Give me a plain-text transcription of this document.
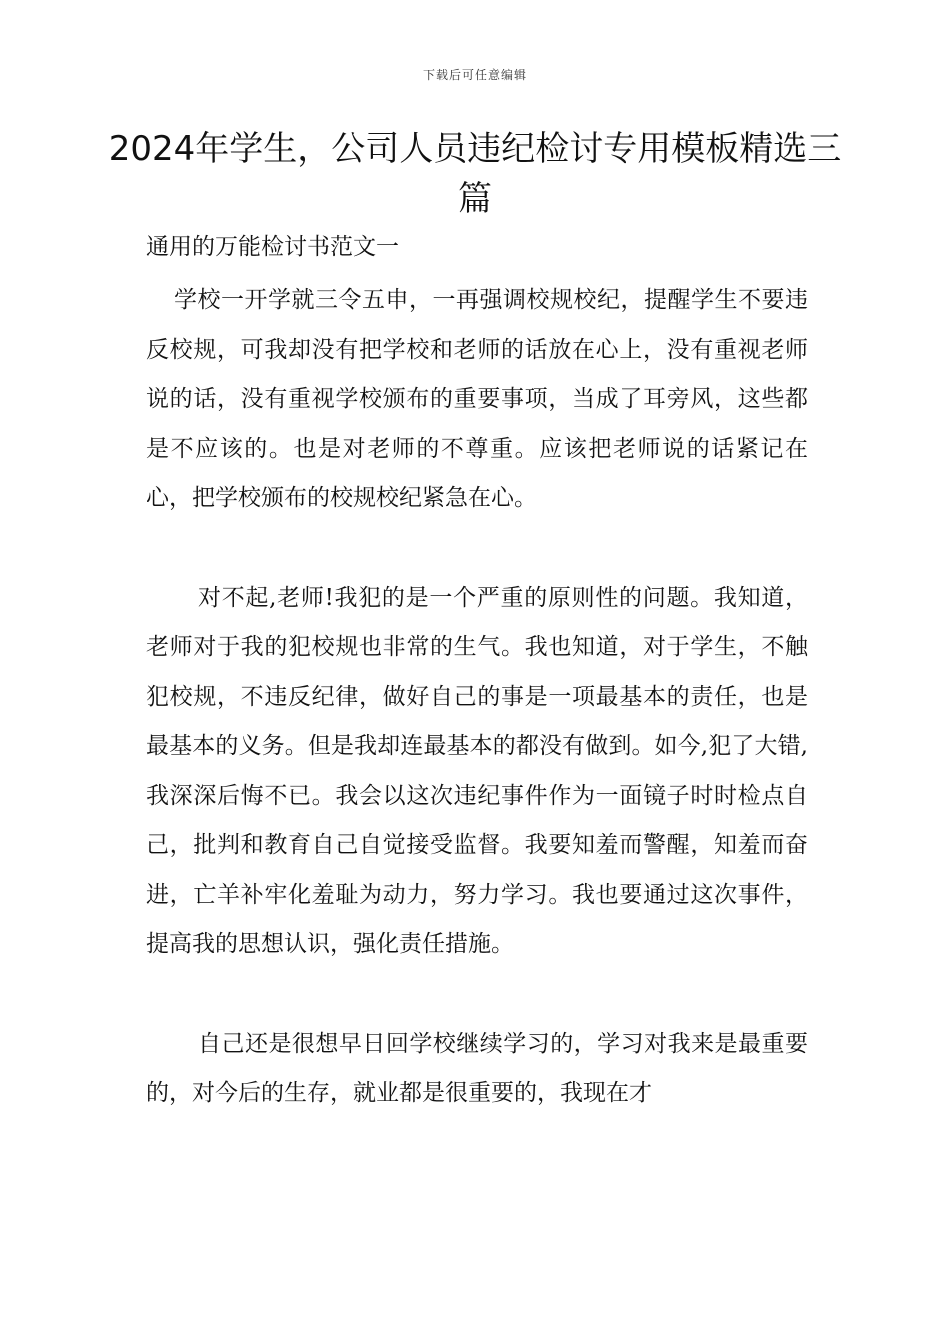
下载后可任意编辑
2024年学生，公司人员违纪检讨专用模板精选三篇

通用的万能检讨书范文一

学校一开学就三令五申，一再强调校规校纪，提醒学生不要违反校规，可我却没有把学校和老师的话放在心上，没有重视老师说的话，没有重视学校颁布的重要事项，当成了耳旁风，这些都是不应该的。也是对老师的不尊重。应该把老师说的话紧记在心，把学校颁布的校规校纪紧急在心。

对不起,老师!我犯的是一个严重的原则性的问题。我知道，老师对于我的犯校规也非常的生气。我也知道，对于学生，不触犯校规，不违反纪律，做好自己的事是一项最基本的责任，也是最基本的义务。但是我却连最基本的都没有做到。如今,犯了大错,我深深后悔不已。我会以这次违纪事件作为一面镜子时时检点自己，批判和教育自己自觉接受监督。我要知羞而警醒，知羞而奋进，亡羊补牢化羞耻为动力，努力学习。我也要通过这次事件，提高我的思想认识，强化责任措施。

自己还是很想早日回学校继续学习的，学习对我来是最重要的，对今后的生存，就业都是很重要的，我现在才
